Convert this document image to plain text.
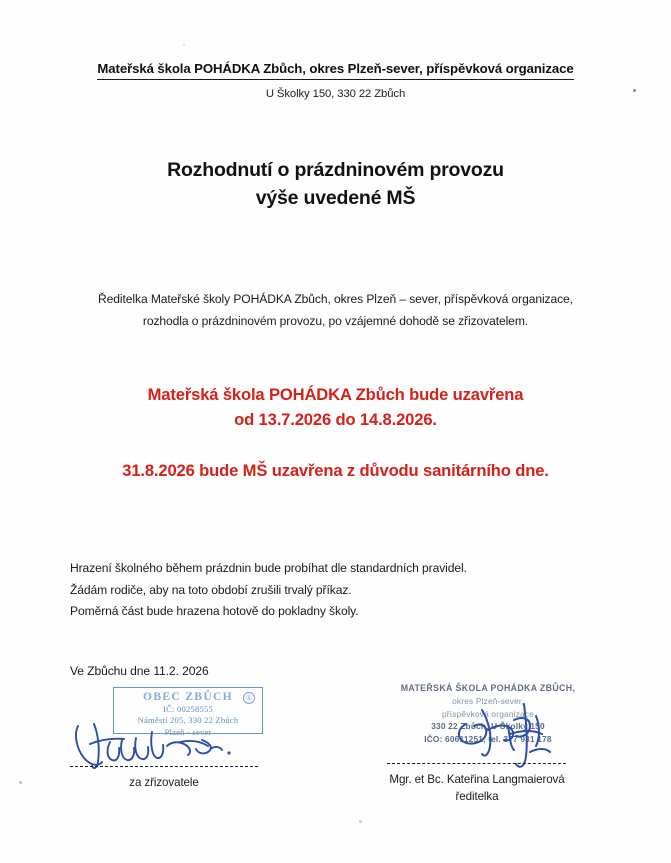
Mateřská škola POHÁDKA Zbůch, okres Plzeň-sever, příspěvková organizace
U Školky 150, 330 22 Zbůch
Rozhodnutí o prázdninovém provozu
výše uvedené MŠ
Ředitelka Mateřské školy POHÁDKA Zbůch, okres Plzeň – sever, příspěvková organizace,
rozhodla o prázdninovém provozu, po vzájemné dohodě se zřizovatelem.
Mateřská škola POHÁDKA Zbůch bude uzavřena
od 13.7.2026 do 14.8.2026.
31.8.2026 bude MŠ uzavřena z důvodu sanitárního dne.
Hrazení školného během prázdnin bude probíhat dle standardních pravidel.
Žádám rodiče, aby na toto období zrušili trvalý příkaz.
Poměrná část bude hrazena hotově do pokladny školy.
Ve Zbůchu dne 11.2. 2026
①
OBEC ZBŮCH
IČ: 00258555
Náměstí 205, 330 22 Zbůch
Plzeň - sever
MATEŘSKÁ ŠKOLA POHÁDKA ZBŮCH,
okres Plzeň-sever,
příspěvková organizace
330 22 Zbůch, U Školky 150
IČO: 60611251, tel. 377 931 178
za zřizovatele	Mgr. et Bc. Kateřina Langmaierová
ředitelka
